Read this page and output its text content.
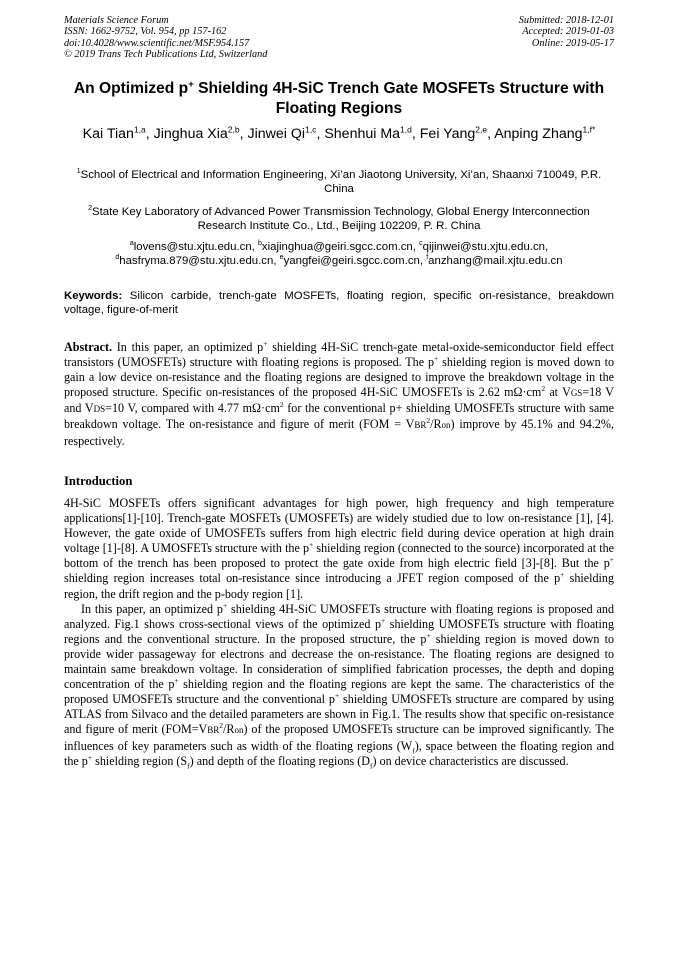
Materials Science Forum
ISSN: 1662-9752, Vol. 954, pp 157-162
doi:10.4028/www.scientific.net/MSF.954.157
© 2019 Trans Tech Publications Ltd, Switzerland
Submitted: 2018-12-01
Accepted: 2019-01-03
Online: 2019-05-17
An Optimized p+ Shielding 4H-SiC Trench Gate MOSFETs Structure with Floating Regions
Kai Tian$^{1,a}$, Jinghua Xia$^{2,b}$, Jinwei Qi$^{1,c}$, Shenhui Ma$^{1,d}$, Fei Yang$^{2,e}$, Anping Zhang$^{1,f*}$
$^1$School of Electrical and Information Engineering, Xi’an Jiaotong University, Xi’an, Shaanxi 710049, P.R. China
$^2$State Key Laboratory of Advanced Power Transmission Technology, Global Energy Interconnection Research Institute Co., Ltd., Beijing 102209, P. R. China
$^a$lovens@stu.xjtu.edu.cn, $^b$xiajinghua@geiri.sgcc.com.cn, $^c$qijinwei@stu.xjtu.edu.cn, $^d$hasfryma.879@stu.xjtu.edu.cn, $^e$yangfei@geiri.sgcc.com.cn, $^f$anzhang@mail.xjtu.edu.cn
Keywords: Silicon carbide, trench-gate MOSFETs, floating region, specific on-resistance, breakdown voltage, figure-of-merit

Abstract. In this paper, an optimized p+ shielding 4H-SiC trench-gate metal-oxide-semiconductor field effect transistors (UMOSFETs) structure with floating regions is proposed. The p+ shielding region is moved down to gain a low device on-resistance and the floating regions are designed to improve the breakdown voltage in the proposed structure. Specific on-resistances of the proposed 4H-SiC UMOSFETs is 2.62 $m\Omega\cdot cm^2$ at VGS=18 V and VDS=10 V, compared with 4.77 $m\Omega\cdot cm^2$ for the conventional p+ shielding UMOSFETs structure with same breakdown voltage. The on-resistance and figure of merit $(FOM = VBR^2/Ron)$ improve by 45.1% and 94.2%, respectively.

Introduction

4H-SiC MOSFETs offers significant advantages for high power, high frequency and high temperature applications[1]-[10]. Trench-gate MOSFETs (UMOSFETs) are widely studied due to low on-resistance [1], [4]. However, the gate oxide of UMOSFETs suffers from high electric field during device operation at high drain voltage [1]-[8]. A UMOSFETs structure with the p+ shielding region (connected to the source) incorporated at the bottom of the trench has been proposed to protect the gate oxide from high electric field [3]-[8]. But the p+ shielding region increases total on-resistance since introducing a JFET region composed of the p+ shielding region, the drift region and the p-body region [1].

In this paper, an optimized p+ shielding 4H-SiC UMOSFETs structure with floating regions is proposed and analyzed. Fig.1 shows cross-sectional views of the optimized p+ shielding UMOSFETs structure with floating regions and the conventional structure. In the proposed structure, the p+ shielding region is moved down to provide wider passageway for electrons and decrease the on-resistance. The floating regions are designed to maintain same breakdown voltage. In consideration of simplified fabrication processes, the depth and doping concentration of the p+ shielding region and the floating regions are kept the same. The characteristics of the proposed UMOSFETs structure and the conventional p+ shielding UMOSFETs structure are compared by using ATLAS from Silvaco and the detailed parameters are shown in Fig.1. The results show that specific on-resistance and figure of merit $(FOM=VBR^2/Ron)$ of the proposed UMOSFETs structure can be improved significantly. The influences of key parameters such as width of the floating regions $(W_f)$, space between the floating region and the p+ shielding region $(S_f)$ and depth of the floating regions $(D_f)$ on device characteristics are discussed.
